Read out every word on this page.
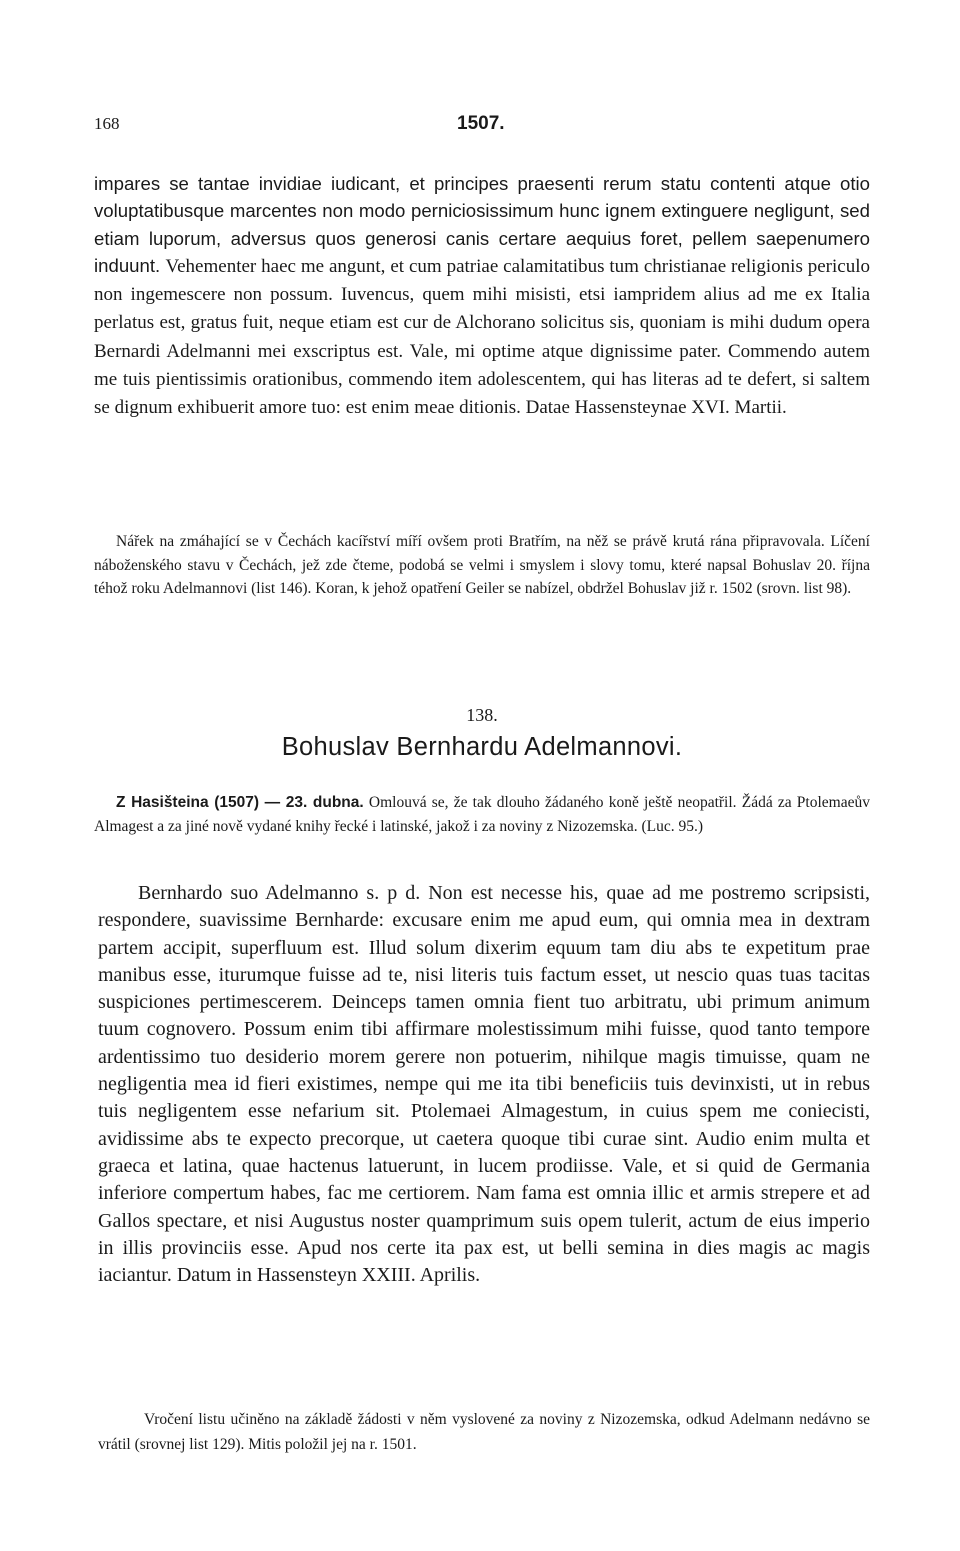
168	1507.

impares se tantae invidiae iudicant, et principes praesenti rerum statu contenti atque otio voluptatibusque marcentes non modo perniciosissimum hunc ignem extinguere negligunt, sed etiam luporum, adversus quos generosi canis certare aequius foret, pellem saepenumero induunt. Vehementer haec me angunt, et cum patriae calamitatibus tum christianae religionis periculo non ingemescere non possum. Iuvencus, quem mihi misisti, etsi iampridem alius ad me ex Italia perlatus est, gratus fuit, neque etiam est cur de Alchorano solicitus sis, quoniam is mihi dudum opera Bernardi Adelmanni mei exscriptus est. Vale, mi optime atque dignissime pater. Commendo autem me tuis pientissimis orationibus, commendo item adolescentem, qui has literas ad te defert, si saltem se dignum exhibuerit amore tuo: est enim meae ditionis. Datae Hassensteynae XVI. Martii.

Nářek na zmáhající se v Čechách kacířství míří ovšem proti Bratřím, na něž se právě krutá rána připravovala. Líčení náboženského stavu v Čechách, jež zde čteme, podobá se velmi i smyslem i slovy tomu, které napsal Bohuslav 20. října téhož roku Adelmannovi (list 146). Koran, k jehož opatření Geiler se nabízel, obdržel Bohuslav již r. 1502 (srovn. list 98).

138.
Bohuslav Bernhardu Adelmannovi.

Z Hasišteina (1507) — 23. dubna. Omlouvá se, že tak dlouho žádaného koně ještě neopatřil. Žádá za Ptolemaeův Almagest a za jiné nově vydané knihy řecké i latinské, jakož i za noviny z Nizozemska. (Luc. 95.)

Bernhardo suo Adelmanno s. p d. Non est necesse his, quae ad me postremo scripsisti, respondere, suavissime Bernharde: excusare enim me apud eum, qui omnia mea in dextram partem accipit, superfluum est. Illud solum dixerim equum tam diu abs te expetitum prae manibus esse, iturumque fuisse ad te, nisi literis tuis factum esset, ut nescio quas tuas tacitas suspiciones pertimescerem. Deinceps tamen omnia fient tuo arbitratu, ubi primum animum tuum cognovero. Possum enim tibi affirmare molestissimum mihi fuisse, quod tanto tempore ardentissimo tuo desiderio morem gerere non potuerim, nihilque magis timuisse, quam ne negligentia mea id fieri existimes, nempe qui me ita tibi beneficiis tuis devinxisti, ut in rebus tuis negligentem esse nefarium sit. Ptolemaei Almagestum, in cuius spem me coniecisti, avidissime abs te expecto precorque, ut caetera quoque tibi curae sint. Audio enim multa et graeca et latina, quae hactenus latuerunt, in lucem prodiisse. Vale, et si quid de Germania inferiore compertum habes, fac me certiorem. Nam fama est omnia illic et armis strepere et ad Gallos spectare, et nisi Augustus noster quamprimum suis opem tulerit, actum de eius imperio in illis provinciis esse. Apud nos certe ita pax est, ut belli semina in dies magis ac magis iaciantur. Datum in Hassensteyn XXIII. Aprilis.

Vročení listu učiněno na základě žádosti v něm vyslovené za noviny z Nizozemska, odkud Adelmann nedávno se vrátil (srovnej list 129). Mitis položil jej na r. 1501.
